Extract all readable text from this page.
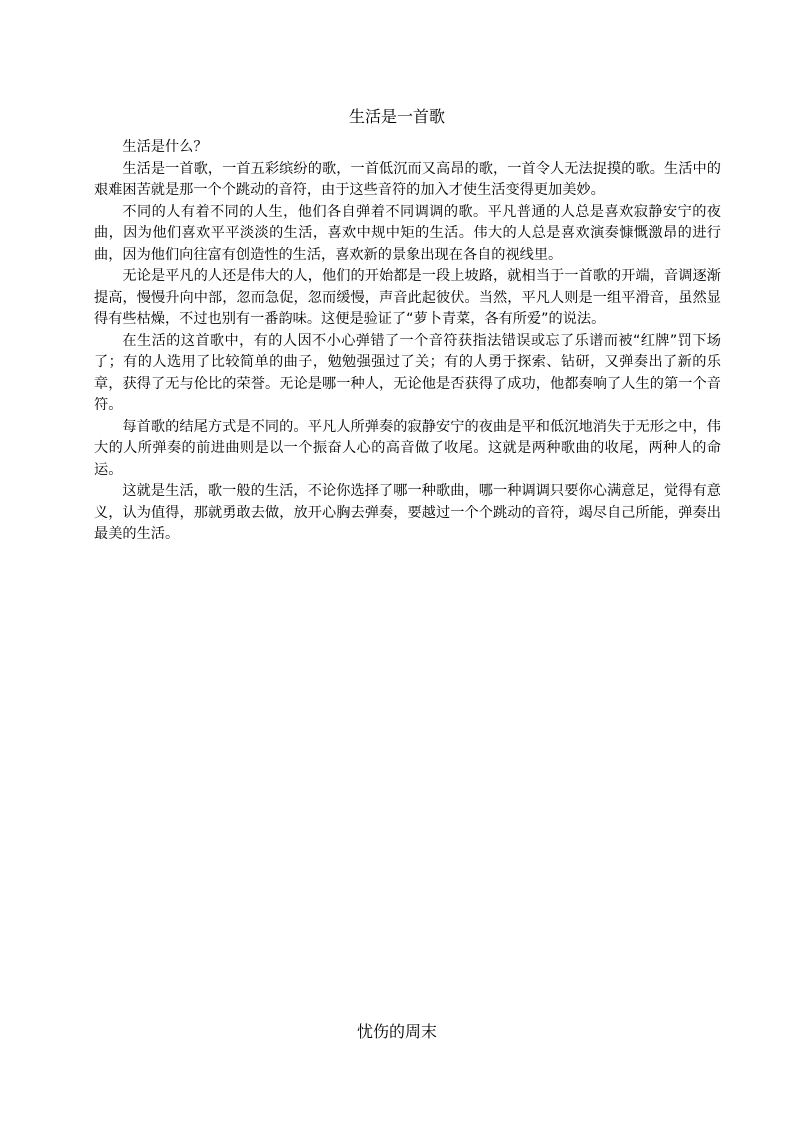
生活是一首歌

生活是什么？

生活是一首歌，一首五彩缤纷的歌，一首低沉而又高昂的歌，一首令人无法捉摸的歌。生活中的艰难困苦就是那一个个跳动的音符，由于这些音符的加入才使生活变得更加美妙。

不同的人有着不同的人生，他们各自弹着不同调调的歌。平凡普通的人总是喜欢寂静安宁的夜曲，因为他们喜欢平平淡淡的生活，喜欢中规中矩的生活。伟大的人总是喜欢演奏慷慨激昂的进行曲，因为他们向往富有创造性的生活，喜欢新的景象出现在各自的视线里。

无论是平凡的人还是伟大的人，他们的开始都是一段上坡路，就相当于一首歌的开端，音调逐渐提高，慢慢升向中部，忽而急促，忽而缓慢，声音此起彼伏。当然，平凡人则是一组平滑音，虽然显得有些枯燥，不过也别有一番韵味。这便是验证了“萝卜青菜，各有所爱”的说法。

在生活的这首歌中，有的人因不小心弹错了一个音符获指法错误或忘了乐谱而被“红牌”罚下场了；有的人选用了比较简单的曲子，勉勉强强过了关；有的人勇于探索、钻研，又弹奏出了新的乐章，获得了无与伦比的荣誉。无论是哪一种人，无论他是否获得了成功，他都奏响了人生的第一个音符。

每首歌的结尾方式是不同的。平凡人所弹奏的寂静安宁的夜曲是平和低沉地消失于无形之中，伟大的人所弹奏的前进曲则是以一个振奋人心的高音做了收尾。这就是两种歌曲的收尾，两种人的命运。

这就是生活，歌一般的生活，不论你选择了哪一种歌曲，哪一种调调只要你心满意足，觉得有意义，认为值得，那就勇敢去做，放开心胸去弹奏，要越过一个个跳动的音符，竭尽自己所能，弹奏出最美的生活。

忧伤的周末
